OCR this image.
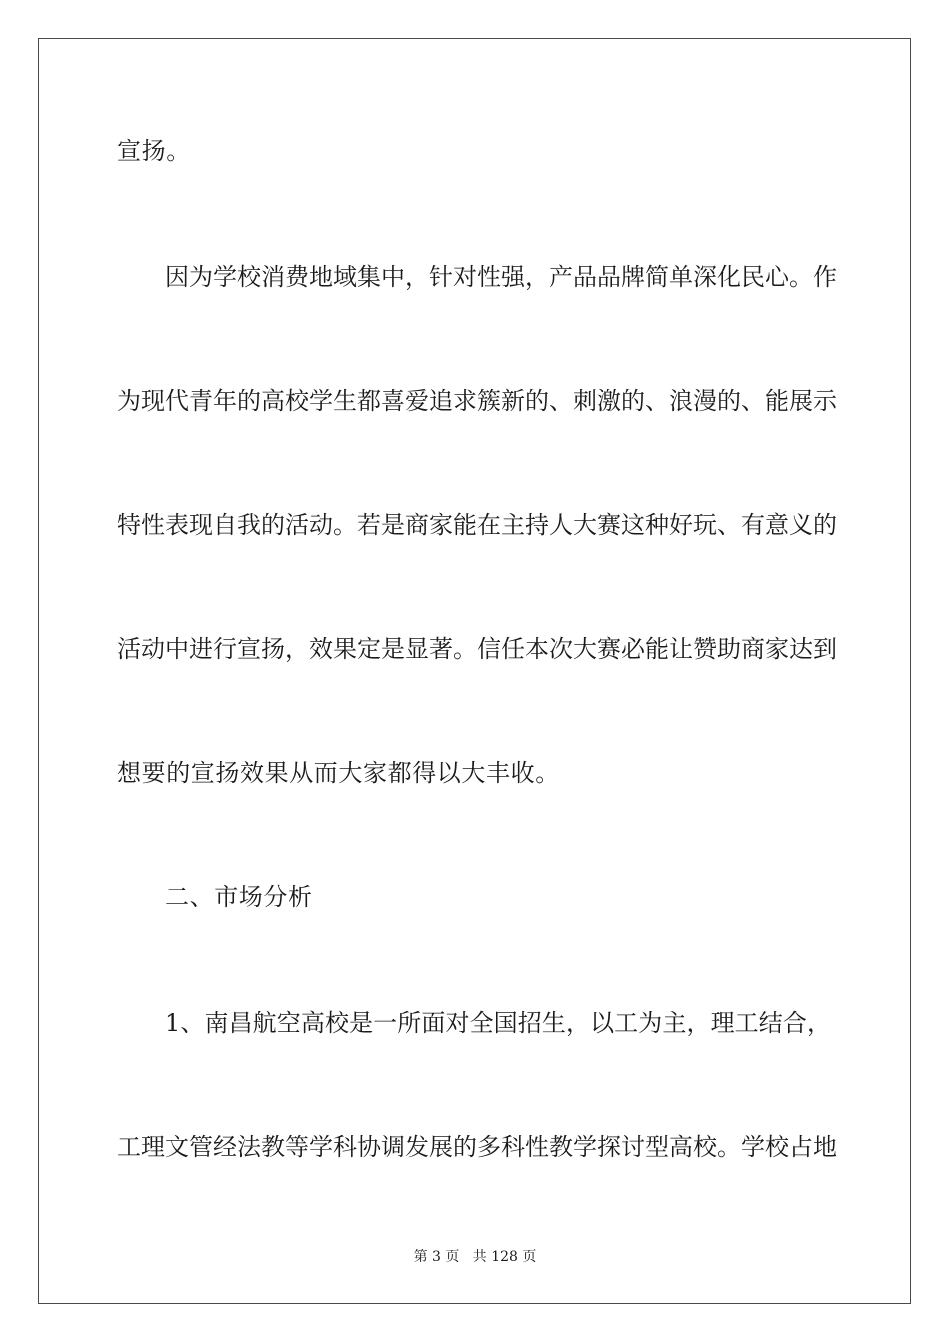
宣扬。
因为学校消费地域集中，针对性强，产品品牌简单深化民心。作
为现代青年的高校学生都喜爱追求簇新的、刺激的、浪漫的、能展示
特性表现自我的活动。若是商家能在主持人大赛这种好玩、有意义的
活动中进行宣扬，效果定是显著。信任本次大赛必能让赞助商家达到
想要的宣扬效果从而大家都得以大丰收。
二、市场分析
1、南昌航空高校是一所面对全国招生，以工为主，理工结合，
工理文管经法教等学科协调发展的多科性教学探讨型高校。学校占地
第 3 页   共 128 页
